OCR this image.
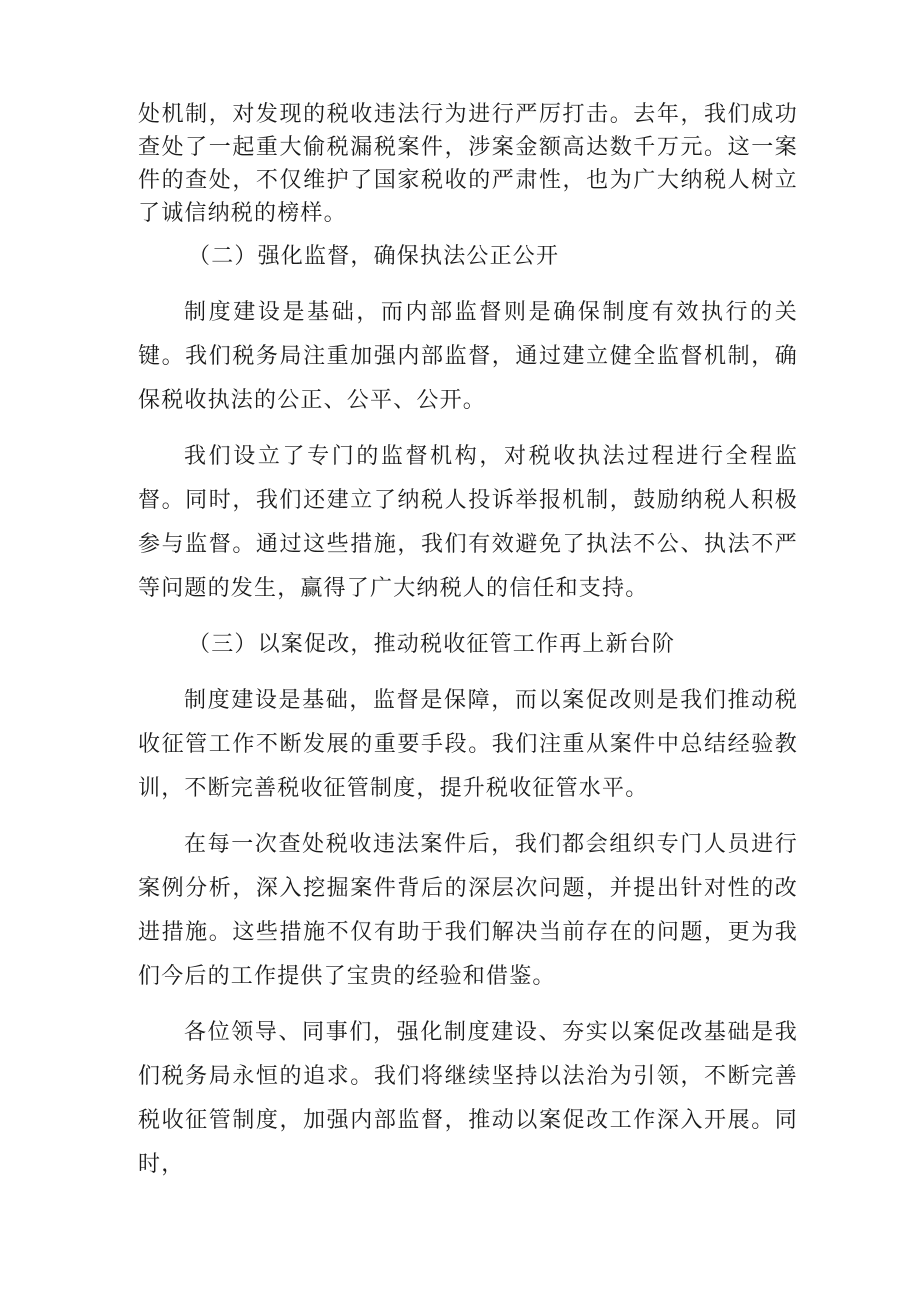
处机制，对发现的税收违法行为进行严厉打击。去年，我们成功查处了一起重大偷税漏税案件，涉案金额高达数千万元。这一案件的查处，不仅维护了国家税收的严肃性，也为广大纳税人树立了诚信纳税的榜样。

（二）强化监督，确保执法公正公开

制度建设是基础，而内部监督则是确保制度有效执行的关键。我们税务局注重加强内部监督，通过建立健全监督机制，确保税收执法的公正、公平、公开。

我们设立了专门的监督机构，对税收执法过程进行全程监督。同时，我们还建立了纳税人投诉举报机制，鼓励纳税人积极参与监督。通过这些措施，我们有效避免了执法不公、执法不严等问题的发生，赢得了广大纳税人的信任和支持。

（三）以案促改，推动税收征管工作再上新台阶

制度建设是基础，监督是保障，而以案促改则是我们推动税收征管工作不断发展的重要手段。我们注重从案件中总结经验教训，不断完善税收征管制度，提升税收征管水平。

在每一次查处税收违法案件后，我们都会组织专门人员进行案例分析，深入挖掘案件背后的深层次问题，并提出针对性的改进措施。这些措施不仅有助于我们解决当前存在的问题，更为我们今后的工作提供了宝贵的经验和借鉴。

各位领导、同事们，强化制度建设、夯实以案促改基础是我们税务局永恒的追求。我们将继续坚持以法治为引领，不断完善税收征管制度，加强内部监督，推动以案促改工作深入开展。同时，
